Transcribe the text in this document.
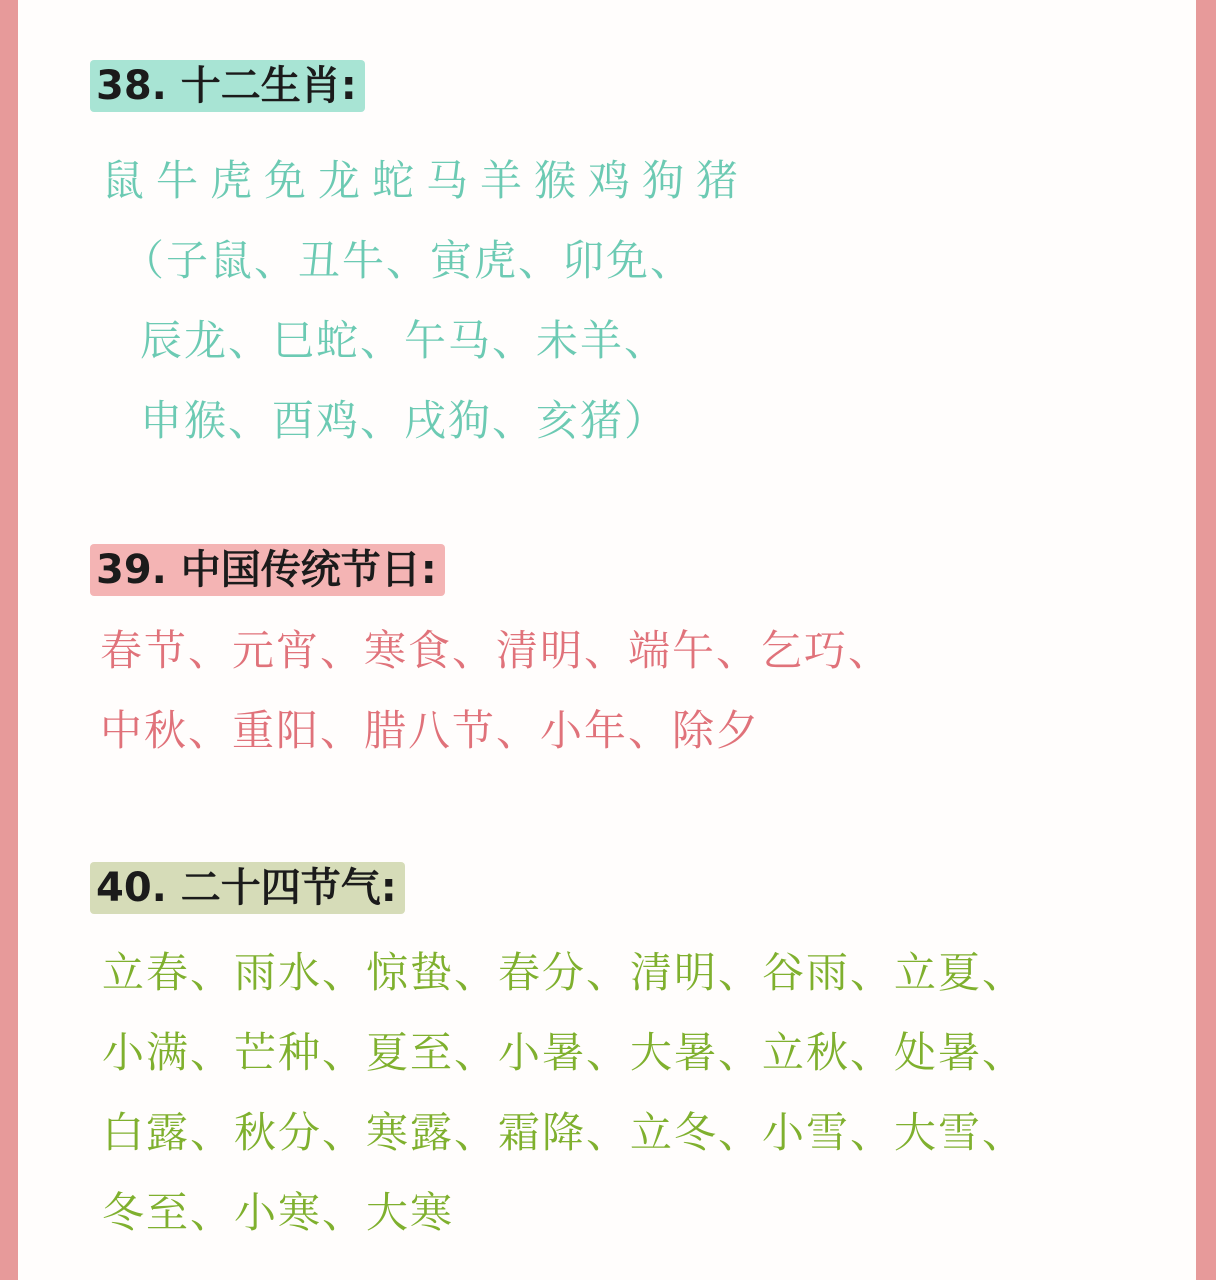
38. 十二生肖:
鼠牛虎免龙蛇马羊猴鸡狗猪
（子鼠、丑牛、寅虎、卯免、
辰龙、巳蛇、午马、未羊、
申猴、酉鸡、戌狗、亥猪）
39. 中国传统节日:
春节、元宵、寒食、清明、端午、乞巧、
中秋、重阳、腊八节、小年、除夕
40. 二十四节气:
立春、雨水、惊蛰、春分、清明、谷雨、立夏、
小满、芒种、夏至、小暑、大暑、立秋、处暑、
白露、秋分、寒露、霜降、立冬、小雪、大雪、
冬至、小寒、大寒
